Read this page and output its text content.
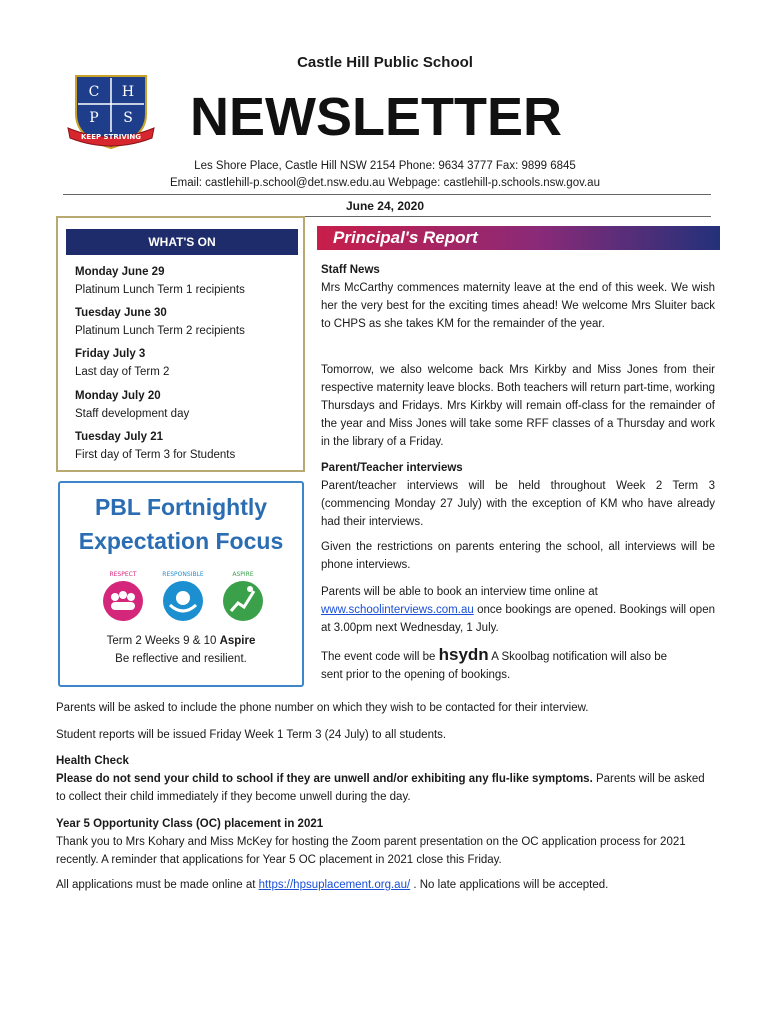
Castle Hill Public School
C H
P S
KEEP STRIVING NEWSLETTER
Les Shore Place, Castle Hill NSW 2154 Phone: 9634 3777 Fax: 9899 6845
Email: castlehill-p.school@det.nsw.edu.au Webpage: castlehill-p.schools.nsw.gov.au
June 24, 2020
WHAT'S ON
Monday June 29
Platinum Lunch Term 1 recipients
Tuesday June 30
Platinum Lunch Term 2 recipients
Friday July 3
Last day of Term 2
Monday July 20
Staff development day
Tuesday July 21
First day of Term 3 for Students
PBL Fortnightly
Expectation Focus
RESPECT	RESPONSIBLE	ASPIRE
Term 2 Weeks 9 & 10 Aspire
Be reflective and resilient.
Principal's Report
Staff News
Mrs McCarthy commences maternity leave at the end of this week. We wish her the very best for the exciting times ahead! We welcome Mrs Sluiter back to CHPS as she takes KM for the remainder of the year.
Tomorrow, we also welcome back Mrs Kirkby and Miss Jones from their respective maternity leave blocks. Both teachers will return part-time, working Thursdays and Fridays. Mrs Kirkby will remain off-class for the remainder of the year and Miss Jones will take some RFF classes of a Thursday and work in the library of a Friday.
Parent/Teacher interviews
Parent/teacher interviews will be held throughout Week 2 Term 3 (commencing Monday 27 July) with the exception of KM who have already had their interviews.
Given the restrictions on parents entering the school, all interviews will be phone interviews.
Parents will be able to book an interview time online at
www.schoolinterviews.com.au once bookings are opened. Bookings will open at 3.00pm next Wednesday, 1 July.
The event code will be hsydn A Skoolbag notification will also be
sent prior to the opening of bookings.
Parents will be asked to include the phone number on which they wish to be contacted for their interview.
Student reports will be issued Friday Week 1 Term 3 (24 July) to all students.
Health Check
Please do not send your child to school if they are unwell and/or exhibiting any flu-like symptoms. Parents will be asked to collect their child immediately if they become unwell during the day.
Year 5 Opportunity Class (OC) placement in 2021
Thank you to Mrs Kohary and Miss McKey for hosting the Zoom parent presentation on the OC application process for 2021 recently. A reminder that applications for Year 5 OC placement in 2021 close this Friday.
All applications must be made online at https://hpsuplacement.org.au/ . No late applications will be accepted.
